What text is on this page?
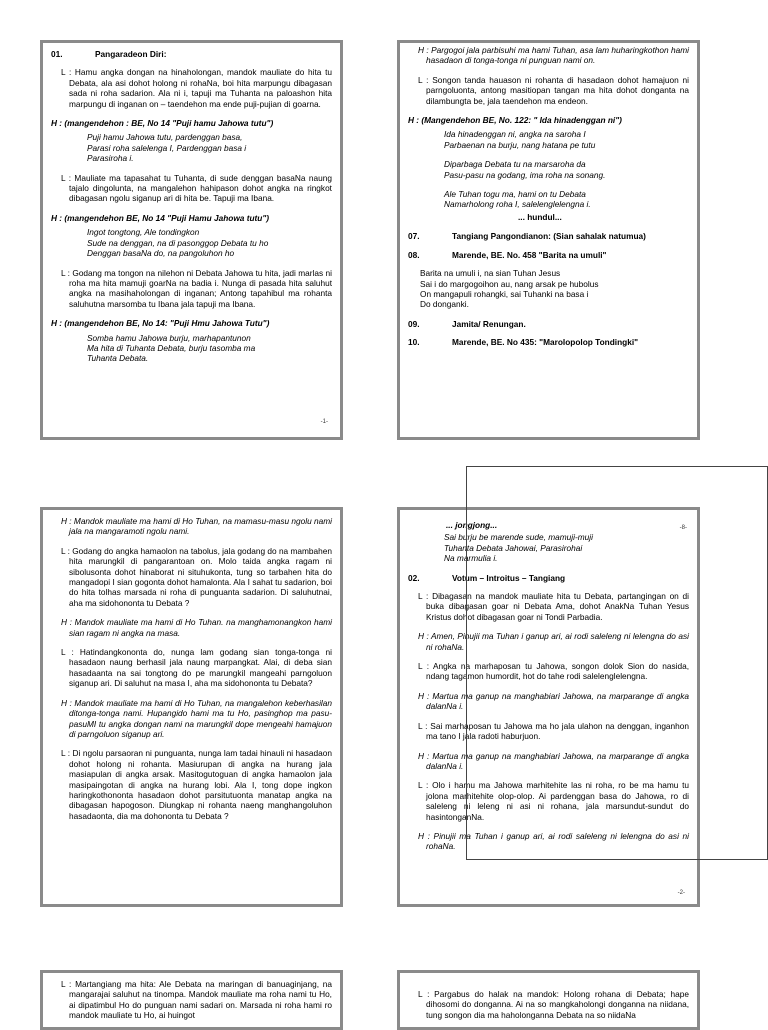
01.	Pangaradeon Diri:

L : Hamu angka dongan na hinaholongan, mandok mauliate do hita tu Debata, ala asi dohot holong ni rohaNa, boi hita marpungu dibagasan sada ni roha sadarion. Ala ni i, tapuji ma Tuhanta na paloashon hita marpungu di inganan on – taendehon ma ende puji-pujian di goarna.

H : (mangendehon : BE, No 14 "Puji hamu Jahowa tutu")

Puji hamu Jahowa tutu, pardenggan basa,
Parasi roha salelenga I, Pardenggan basa i
Parasiroha i.

L : Mauliate ma tapasahat tu Tuhanta, di sude denggan basaNa naung tajalo dingolunta, na mangalehon hahipason dohot angka na ringkot dibagasan ngolu siganup ari di hita be. Tapuji ma Ibana.

H : (mangendehon BE, No 14 "Puji Hamu Jahowa tutu")

Ingot tongtong, Ale tondingkon
Sude na denggan, na di pasonggop Debata tu ho
Denggan basaNa do, na pangoluhon ho

L : Godang ma tongon na nilehon ni Debata Jahowa tu hita, jadi marlas ni roha ma hita mamuji goarNa na badia i. Nunga di pasada hita saluhut angka na masihaholongan di inganan; Antong tapahibul ma rohanta saluhutna marsomba tu Ibana jala tapuji ma Ibana.

H : (mangendehon BE, No 14: "Puji Hmu Jahowa Tutu")

Somba hamu Jahowa burju, marhapantunon
Ma hita di Tuhanta Debata, burju tasomba ma
Tuhanta Debata.
-1-

H : Pargogoi jala parbisuhi ma hami Tuhan, asa lam huharingkothon hami hasadaon di tonga-tonga ni punguan nami on.

L : Songon tanda hauason ni rohanta di hasadaon dohot hamajuon ni parngoluonta, antong masitiopan tangan ma hita dohot donganta na dilambungta be, jala taendehon ma endeon.

H : (Mangendehon BE, No. 122: " Ida hinadenggan ni")

Ida hinadenggan ni, angka na saroha I
Parbaenan na burju, nang hatana pe tutu
Diparbaga Debata tu na marsaroha da
Pasu-pasu na godang, ima roha na sonang.
Ale Tuhan togu ma, hami on tu Debata
Namarholong roha I, salelenglelengna i.
... hundul...
07.	Tangiang Pangondianon: (Sian sahalak natumua)
08.	Marende, BE. No. 458 "Barita na umuli"
Barita na umuli i, na sian Tuhan Jesus
Sai i do margogoihon au, nang arsak pe hubolus
On mangapuli rohangki, sai Tuhanki na basa i
Do donganki.
09.	Jamita/ Renungan.
10.	Marende, BE. No 435: "Marolopolop Tondingki"

H : Mandok mauliate ma hami di Ho Tuhan, na mamasu-masu ngolu nami jala na mangaramoti ngolu nami.

L : Godang do angka hamaolon na tabolus, jala godang do na mambahen hita marungkil di pangarantoan on. Molo taida angka ragam ni sibolusonta dohot hinaborat ni situhukonta, tung so tarbahen hita do mangadopi I sian gogonta dohot hamalonta. Ala I sahat tu sadarion, boi do hita tolhas marsada ni roha di punguanta sadarion. Di saluhutnai, aha ma sidohononta tu Debata ?

H : Mandok mauliate ma hami di Ho Tuhan. na manghamonangkon hami sian ragam ni angka na masa.

L : Hatindangkononta do, nunga lam godang sian tonga-tonga ni hasadaon naung berhasil jala naung marpangkat. Alai, di deba sian hasadaanta na sai tongtong do pe marungkil mangeahi parngoluon siganup ari. Di saluhut na masa I, aha ma sidohononta tu Debata?

H : Mandok mauliate ma hami di Ho Tuhan, na mangalehon keberhasilan ditonga-tonga nami. Hupangido hami ma tu Ho, pasinghop ma pasu-pasuMI tu angka dongan nami na marungkil dope mengeahi hamajuon di parngoluon siganup ari.

L : Di ngolu parsaoran ni punguanta, nunga lam tadai hinauli ni hasadaon dohot holong ni rohanta. Masiurupan di angka na hurang jala masiapulan di angka arsak. Masitogutoguan di angka hamaolon jala masipaingotan di angka na hurang lobi. Ala I, tong dope ingkon haringkothononta hasadaon dohot parsitutuonta manatap angka na dibagasan hapogoson. Diungkap ni rohanta naeng manghangoluhon hasadaonta, dia ma dohononta tu Debata ?

... jongjong...
Sai burju be marende sude, mamuji-muji
Tuhanta Debata Jahowai, Parasirohai
Na marmulia i.
02.	Votum – Introitus – Tangiang

L : Dibagasan na mandok mauliate hita tu Debata, partangingan on di buka dibagasan goar ni Debata Ama, dohot AnakNa Tuhan Yesus Kristus dohot dibagasan goar ni Tondi Parbadia.

H : Amen, Pinujii ma Tuhan i ganup ari, ai rodi saleleng ni lelengna do asi ni rohaNa.

L : Angka na marhaposan tu Jahowa, songon dolok Sion do nasida, ndang tagamon humordit, hot do tahe rodi salelenglelengna.

H : Martua ma ganup na manghabiari Jahowa, na marparange di angka dalanNa i.

L : Sai marhaposan tu Jahowa ma ho jala ulahon na denggan, inganhon ma tano I jala radoti haburjuon.

H : Martua ma ganup na manghabiari Jahowa, na marparange di angka dalanNa i.

L : Olo i hamu ma Jahowa marhitehite las ni roha, ro be ma hamu tu jolona marhitehite olop-olop. Ai pardenggan basa do Jahowa, ro di saleleng ni leleng ni asi ni rohana, jala marsundut-sundut do hasintonganNa.

H : Pinujii ma Tuhan i ganup ari, ai rodi saleleng ni lelengna do asi ni rohaNa.

-2-
-8-

L : Martangiang ma hita: Ale Debata na maringan di banuaginjang, na mangarajai saluhut na tinompa. Mandok mauliate ma roha nami tu Ho, ai dipatimbul Ho do punguan nami sadari on. Marsada ni roha hami ro mandok mauliate tu Ho, ai huingot

L : Pargabus do halak na mandok: Holong rohana di Debata; hape dihosomi do donganna. Ai na so mangkaholongi donganna na niidana, tung songon dia ma haholonganna Debata na so niidaNa
